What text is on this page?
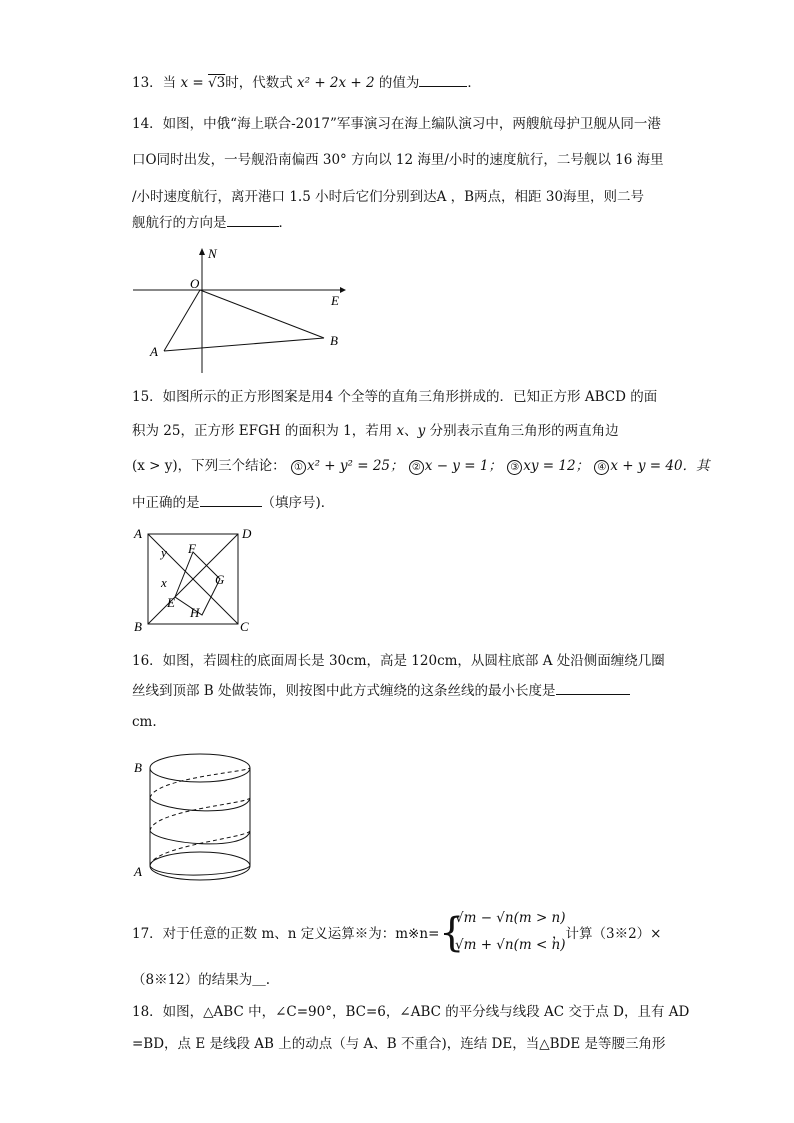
13．当 x = √3时，代数式 x² + 2x + 2 的值为	．
14．如图，中俄“海上联合-2017”军事演习在海上编队演习中，两艘航母护卫舰从同一港
口O同时出发，一号舰沿南偏西 30° 方向以 12 海里/小时的速度航行，二号舰以 16 海里
/小时速度航行，离开港口 1.5 小时后它们分别到达A ，B两点，相距 30海里，则二号
舰航行的方向是	．
N
O
E
A
B
15．如图所示的正方形图案是用4 个全等的直角三角形拼成的．已知正方形 ABCD 的面
积为 25，正方形 EFGH 的面积为 1，若用 x、y 分别表示直角三角形的两直角边
(x > y)，下列三个结论： ① x² + y² = 25； ② x − y = 1； ③ xy = 12； ④ x + y = 40．其
中正确的是	（填序号)．
A	D
B	C
y F
x	G
E
H
16．如图，若圆柱的底面周长是 30cm，高是 120cm，从圆柱底部 A 处沿侧面缠绕几圈
丝线到顶部 B 处做装饰，则按图中此方式缠绕的这条丝线的最小长度是
cm.
B
A
17．对于任意的正数 m、n 定义运算※为：m※n= {
√m − √n(m > n)
√m + √n(m < n)
，计算（3※2）×
（8※12）的结果为＿.
18．如图，△ABC 中，∠C=90°，BC=6，∠ABC 的平分线与线段 AC 交于点 D，且有 AD
=BD，点 E 是线段 AB 上的动点（与 A、B 不重合)，连结 DE，当△BDE 是等腰三角形
